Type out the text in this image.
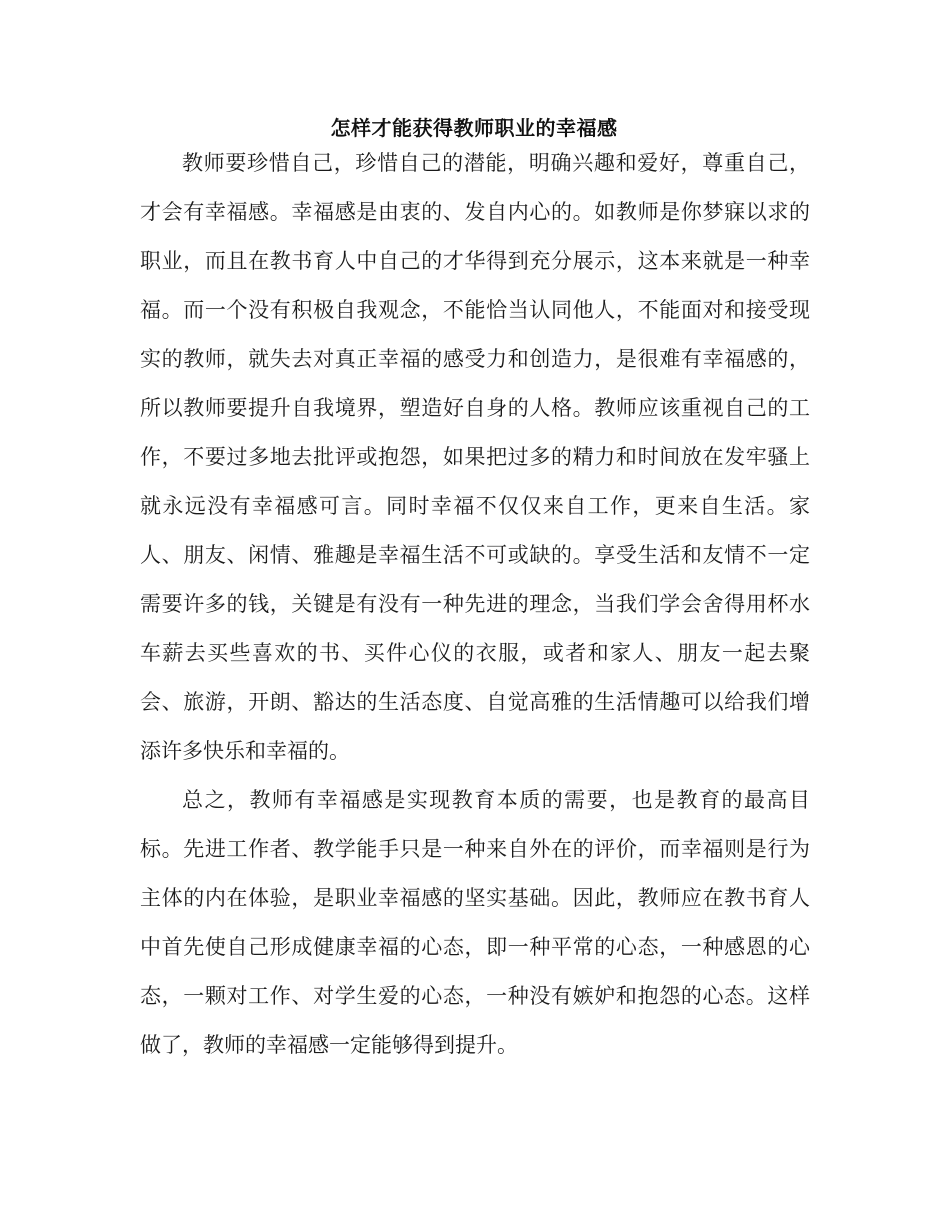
怎样才能获得教师职业的幸福感

教师要珍惜自己，珍惜自己的潜能，明确兴趣和爱好，尊重自己，才会有幸福感。幸福感是由衷的、发自内心的。如教师是你梦寐以求的职业，而且在教书育人中自己的才华得到充分展示，这本来就是一种幸福。而一个没有积极自我观念，不能恰当认同他人，不能面对和接受现实的教师，就失去对真正幸福的感受力和创造力，是很难有幸福感的，所以教师要提升自我境界，塑造好自身的人格。教师应该重视自己的工作，不要过多地去批评或抱怨，如果把过多的精力和时间放在发牢骚上就永远没有幸福感可言。同时幸福不仅仅来自工作，更来自生活。家人、朋友、闲情、雅趣是幸福生活不可或缺的。享受生活和友情不一定需要许多的钱，关键是有没有一种先进的理念，当我们学会舍得用杯水车薪去买些喜欢的书、买件心仪的衣服，或者和家人、朋友一起去聚会、旅游，开朗、豁达的生活态度、自觉高雅的生活情趣可以给我们增添许多快乐和幸福的。

总之，教师有幸福感是实现教育本质的需要，也是教育的最高目标。先进工作者、教学能手只是一种来自外在的评价，而幸福则是行为主体的内在体验，是职业幸福感的坚实基础。因此，教师应在教书育人中首先使自己形成健康幸福的心态，即一种平常的心态，一种感恩的心态，一颗对工作、对学生爱的心态，一种没有嫉妒和抱怨的心态。这样做了，教师的幸福感一定能够得到提升。
